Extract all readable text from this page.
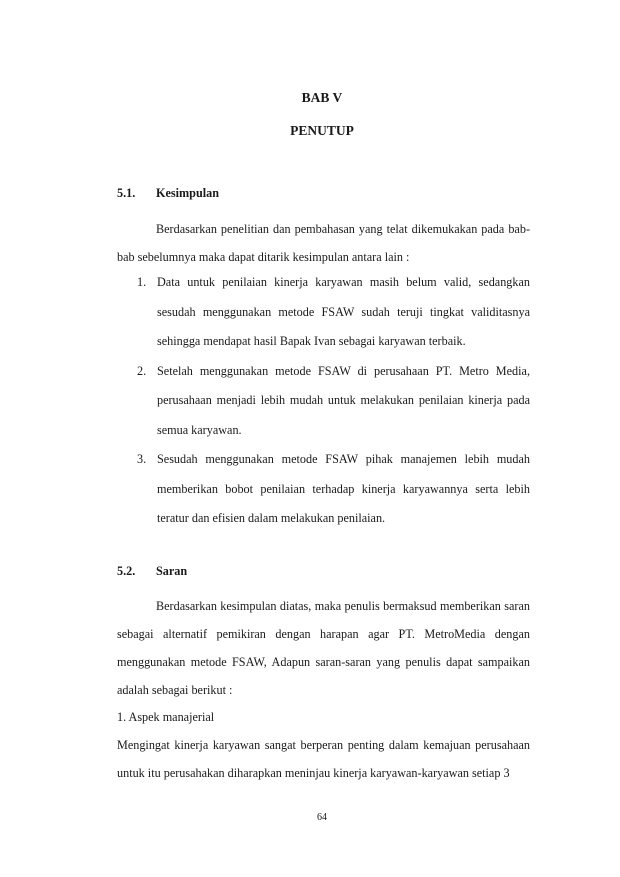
BAB V
PENUTUP
5.1. Kesimpulan

Berdasarkan penelitian dan pembahasan yang telat dikemukakan pada bab-bab sebelumnya maka dapat ditarik kesimpulan antara lain :

1. Data untuk penilaian kinerja karyawan masih belum valid, sedangkan sesudah menggunakan metode FSAW sudah teruji tingkat validitasnya sehingga mendapat hasil Bapak Ivan sebagai karyawan terbaik.
2. Setelah menggunakan metode FSAW di perusahaan PT. Metro Media, perusahaan menjadi lebih mudah untuk melakukan penilaian kinerja pada semua karyawan.
3. Sesudah menggunakan metode FSAW pihak manajemen lebih mudah memberikan bobot penilaian terhadap kinerja karyawannya serta lebih teratur dan efisien dalam melakukan penilaian.
5.2. Saran

Berdasarkan kesimpulan diatas, maka penulis bermaksud memberikan saran sebagai alternatif pemikiran dengan harapan agar PT. MetroMedia dengan menggunakan metode FSAW, Adapun saran-saran yang penulis dapat sampaikan adalah sebagai berikut :

1. Aspek manajerial

Mengingat kinerja karyawan sangat berperan penting dalam kemajuan perusahaan untuk itu perusahakan diharapkan meninjau kinerja karyawan-karyawan setiap 3

64
